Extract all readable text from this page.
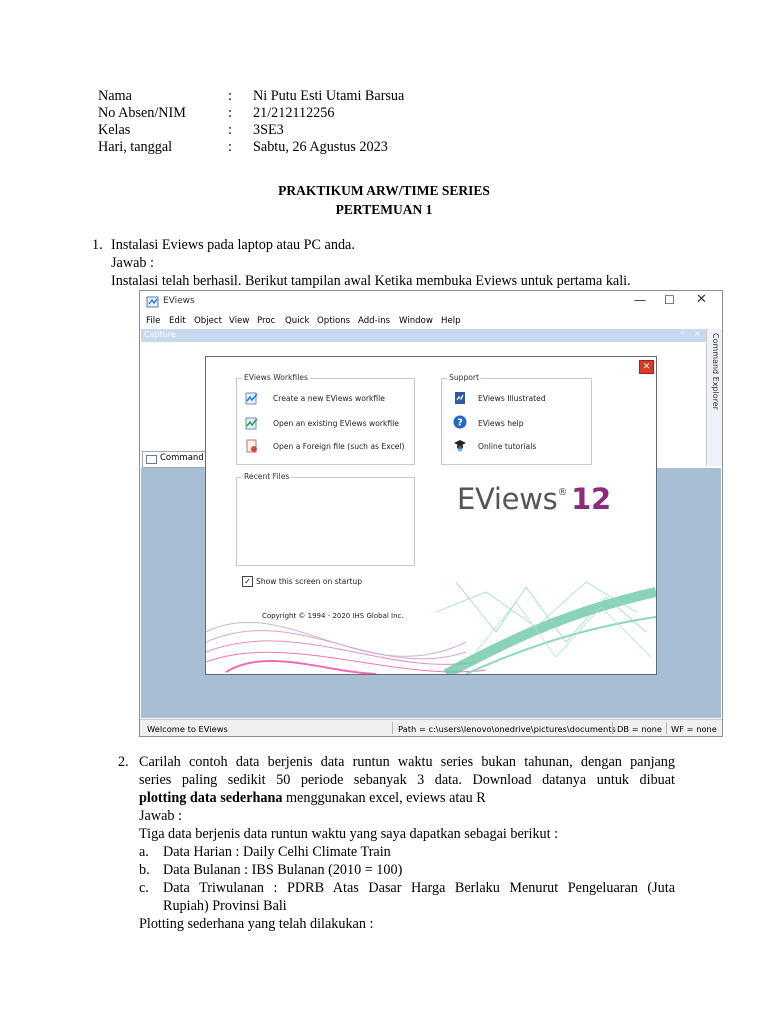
Nama	: Ni Putu Esti Utami Barsua
No Absen/NIM	: 21/212112256
Kelas	: 3SE3
Hari, tanggal	: Sabtu, 26 Agustus 2023
PRAKTIKUM ARW/TIME SERIES
PERTEMUAN 1
1. Instalasi Eviews pada laptop atau PC anda.
Jawab :
Instalasi telah berhasil. Berikut tampilan awal Ketika membuka Eviews untuk pertama kali.
EViews	— ☐ ✕
File Edit Object View Proc Quick Options Add-ins Window Help
Capture	ᵖ × Command Explorer
Command
Welcome to EViews	Path = c:\users\lenovo\onedrive\pictures\documents DB = none WF = none
✕
EViews Workfiles
Create a new EViews workfile
Open an existing EViews workfile
Open a Foreign file (such as Excel)
Support
EViews Illustrated
? EViews help
Online tutorials
Recent Files
EViews® 12
✓ Show this screen on startup
Copyright © 1994 - 2020 IHS Global Inc.
2. Carilah contoh data berjenis data runtun waktu series bukan tahunan, dengan panjang
series paling sedikit 50 periode sebanyak 3 data. Download datanya untuk dibuat
plotting data sederhana menggunakan excel, eviews atau R
Jawab :
Tiga data berjenis data runtun waktu yang saya dapatkan sebagai berikut :
a. Data Harian : Daily Celhi Climate Train
b. Data Bulanan : IBS Bulanan (2010 = 100)
c. Data Triwulanan : PDRB Atas Dasar Harga Berlaku Menurut Pengeluaran (Juta
Rupiah) Provinsi Bali
Plotting sederhana yang telah dilakukan :
